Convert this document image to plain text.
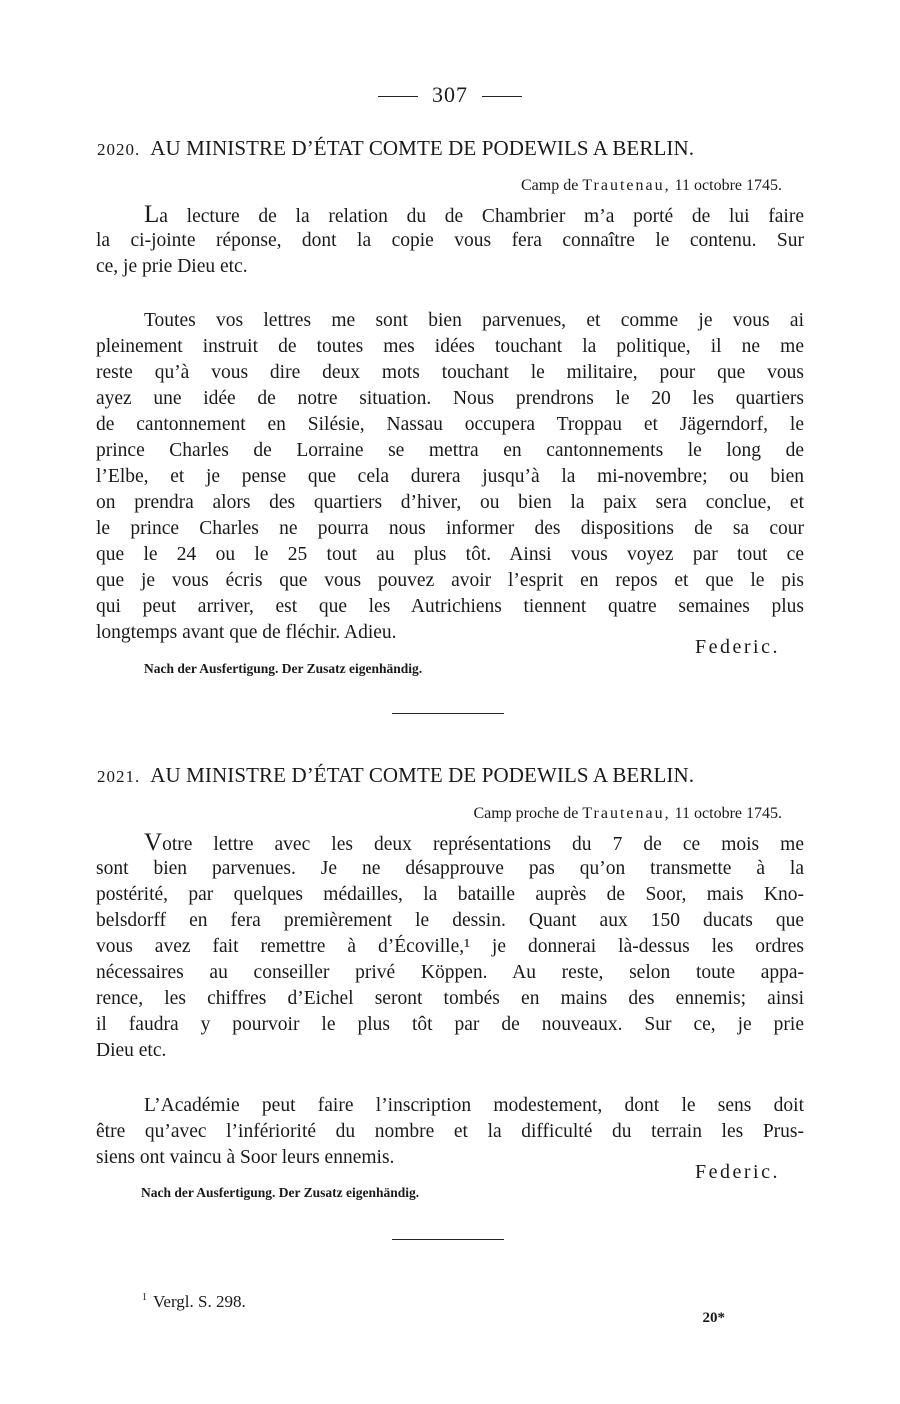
307
2020. AU MINISTRE D’ÉTAT COMTE DE PODEWILS A BERLIN.
Camp de Trautenau, 11 octobre 1745.
La lecture de la relation du de Chambrier m’a porté de lui faire
la ci-jointe réponse, dont la copie vous fera connaître le contenu. Sur
ce, je prie Dieu etc.
Toutes vos lettres me sont bien parvenues, et comme je vous ai
pleinement instruit de toutes mes idées touchant la politique, il ne me
reste qu’à vous dire deux mots touchant le militaire, pour que vous
ayez une idée de notre situation. Nous prendrons le 20 les quartiers
de cantonnement en Silésie, Nassau occupera Troppau et Jägerndorf, le
prince Charles de Lorraine se mettra en cantonnements le long de
l’Elbe, et je pense que cela durera jusqu’à la mi-novembre; ou bien
on prendra alors des quartiers d’hiver, ou bien la paix sera conclue, et
le prince Charles ne pourra nous informer des dispositions de sa cour
que le 24 ou le 25 tout au plus tôt. Ainsi vous voyez par tout ce
que je vous écris que vous pouvez avoir l’esprit en repos et que le pis
qui peut arriver, est que les Autrichiens tiennent quatre semaines plus
longtemps avant que de fléchir. Adieu.
Federic.
Nach der Ausfertigung. Der Zusatz eigenhändig.
2021. AU MINISTRE D’ÉTAT COMTE DE PODEWILS A BERLIN.
Camp proche de Trautenau, 11 octobre 1745.
Votre lettre avec les deux représentations du 7 de ce mois me
sont bien parvenues. Je ne désapprouve pas qu’on transmette à la
postérité, par quelques médailles, la bataille auprès de Soor, mais Kno-
belsdorff en fera premièrement le dessin. Quant aux 150 ducats que
vous avez fait remettre à d’Écoville,¹ je donnerai là-dessus les ordres
nécessaires au conseiller privé Köppen. Au reste, selon toute appa-
rence, les chiffres d’Eichel seront tombés en mains des ennemis; ainsi
il faudra y pourvoir le plus tôt par de nouveaux. Sur ce, je prie
Dieu etc.
L’Académie peut faire l’inscription modestement, dont le sens doit
être qu’avec l’infériorité du nombre et la difficulté du terrain les Prus-
siens ont vaincu à Soor leurs ennemis.
Federic.
Nach der Ausfertigung. Der Zusatz eigenhändig.
$^1$ Vergl. S. 298.
20*
